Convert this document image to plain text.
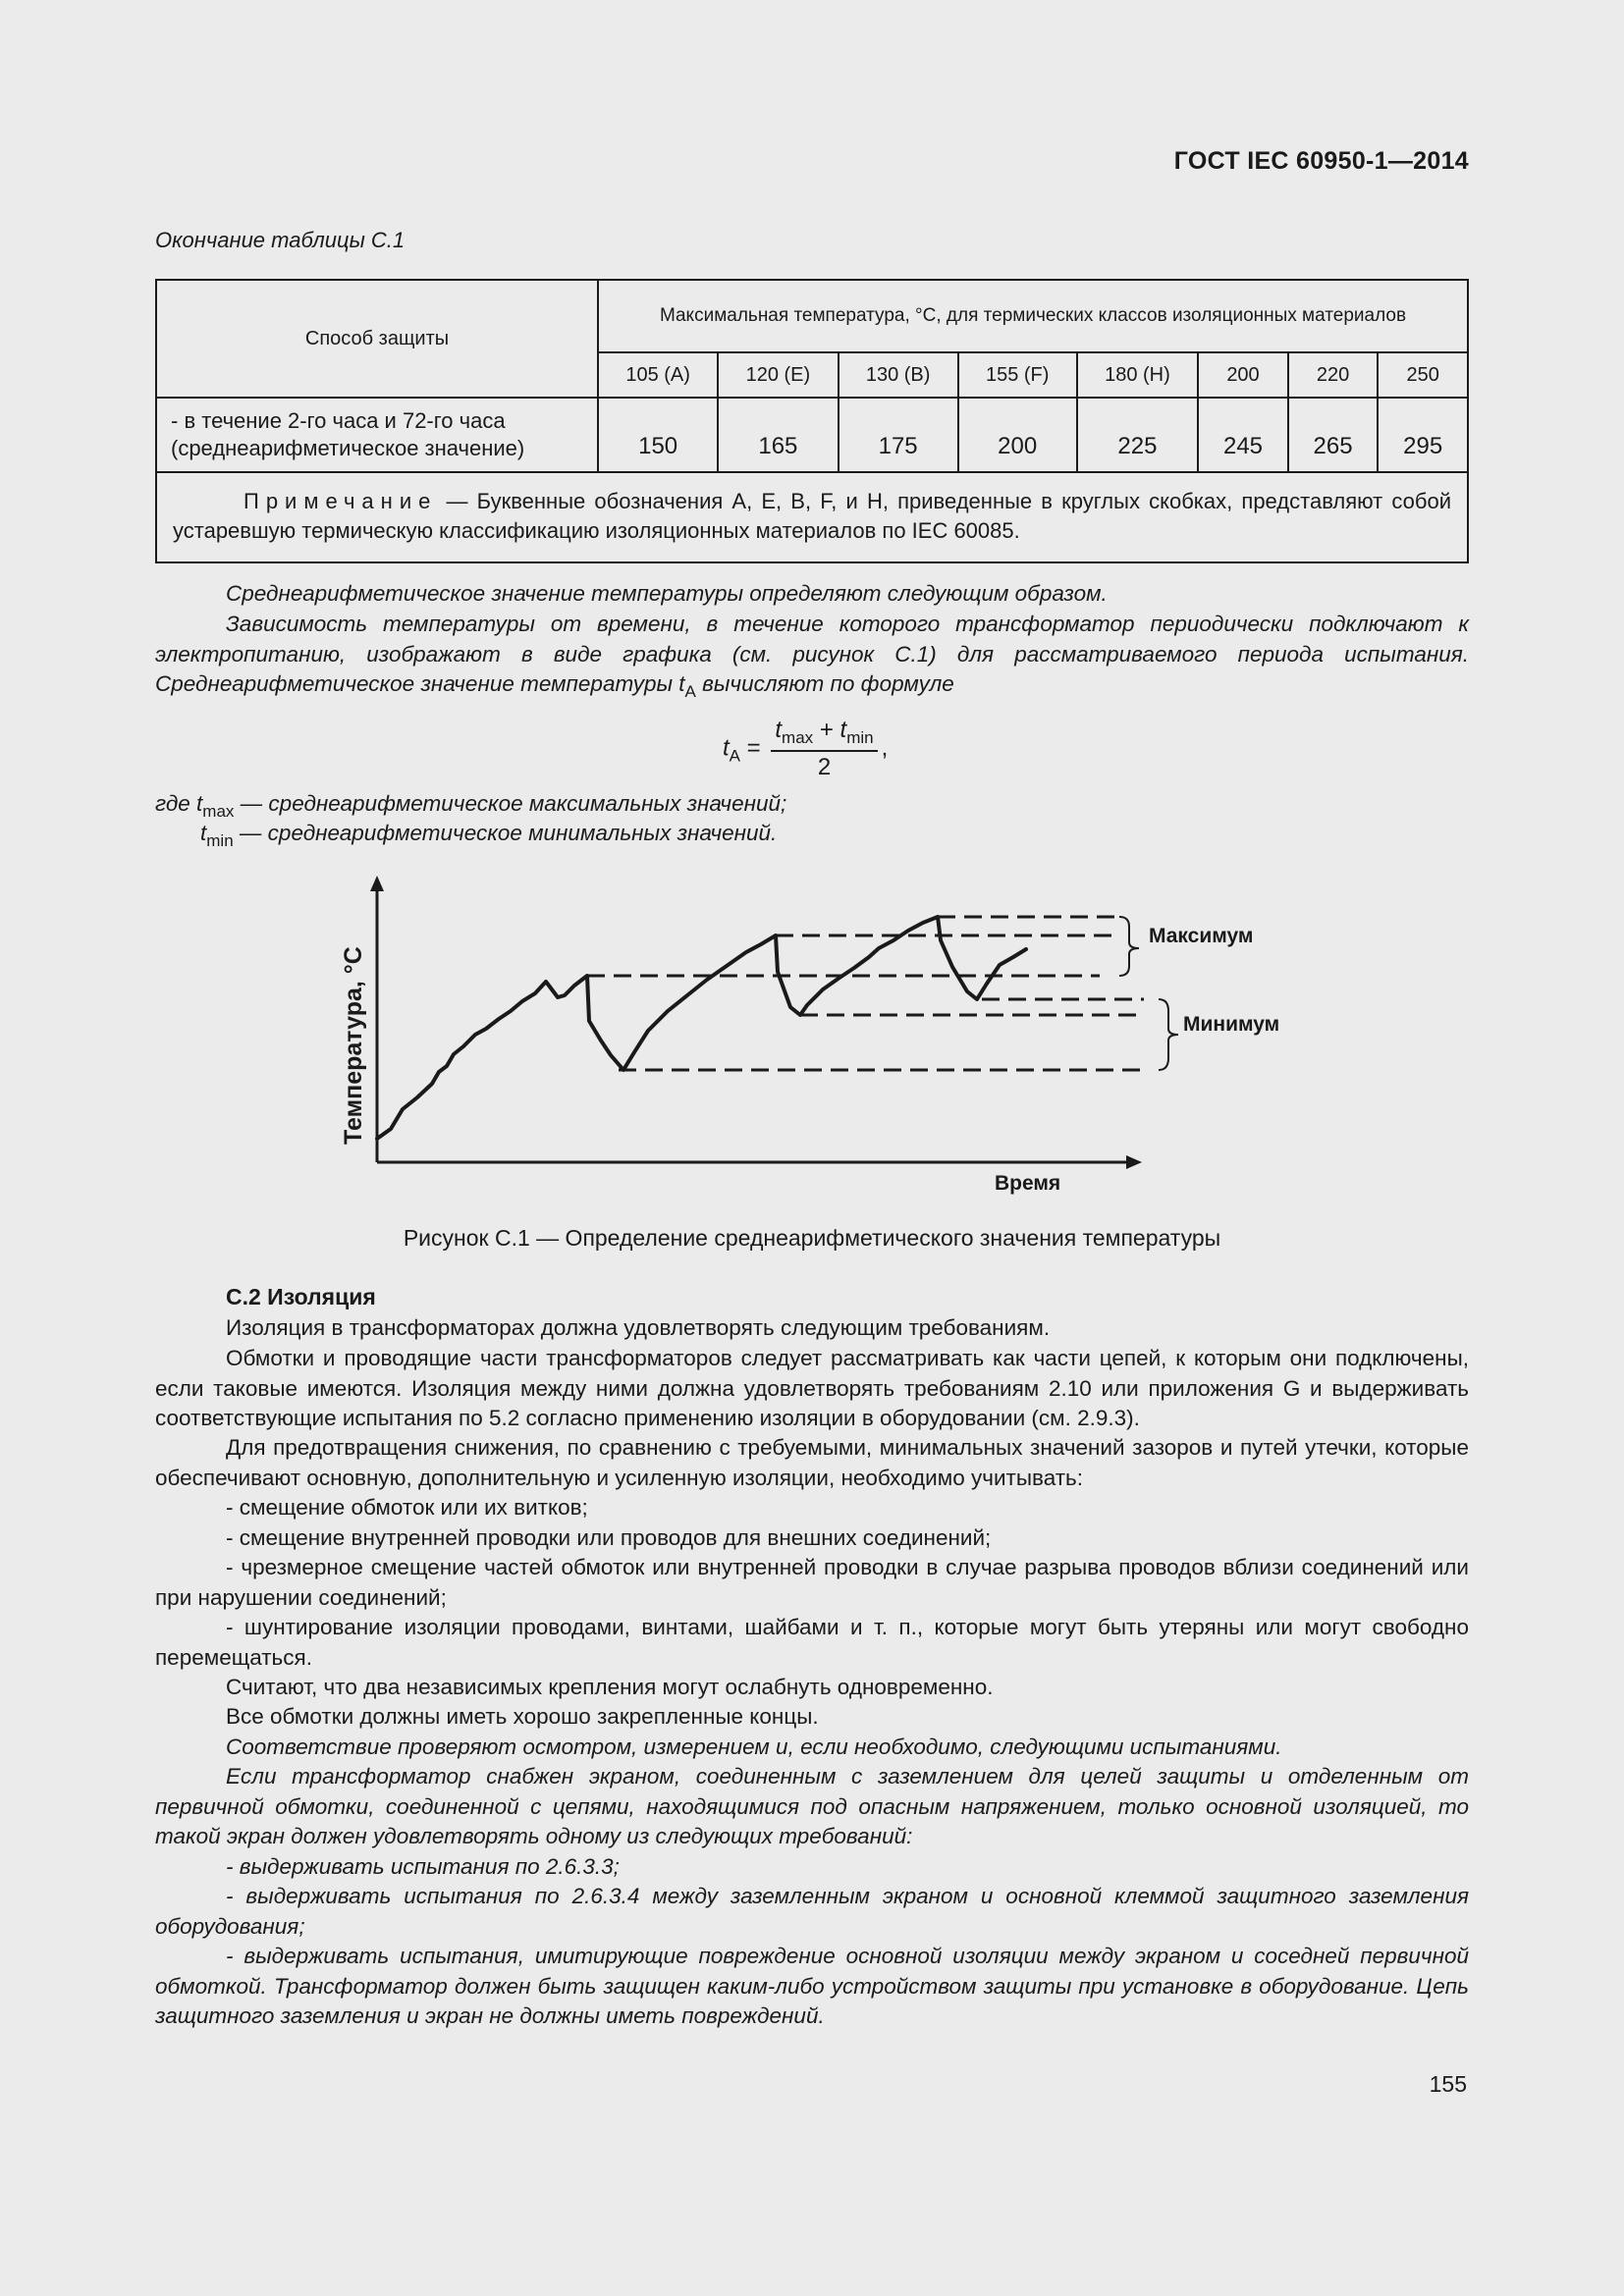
ГОСТ IEC 60950-1—2014
Окончание таблицы С.1
Способ защиты	Максимальная температура, °С, для термических классов изоляционных материалов							
	105 (А)	120 (Е)	130 (В)	155 (F)	180 (Н)	200	220	250
- в течение 2-го часа и 72-го часа (среднеарифметическое значение)	150	165	175	200	225	245	265	295
Примечание — Буквенные обозначения А, Е, В, F, и Н, приведенные в круглых скобках, представляют собой устаревшую термическую классификацию изоляционных материалов по IEC 60085.								

Среднеарифметическое значение температуры определяют следующим образом.

Зависимость температуры от времени, в течение которого трансформатор периодически подключают к электропитанию, изображают в виде графика (см. рисунок С.1) для рассматриваемого периода испытания. Среднеарифметическое значение температуры $t_А$ вычисляют по формуле

$t_А = \frac{t_{max} + t_{min}}{2}$ ,
где $t_{max}$ — среднеарифметическое максимальных значений;
$t_{min}$ — среднеарифметическое минимальных значений.
Максимум
Минимум
Время
Температура, °С
Рисунок С.1 — Определение среднеарифметического значения температуры
С.2 Изоляция

Изоляция в трансформаторах должна удовлетворять следующим требованиям.

Обмотки и проводящие части трансформаторов следует рассматривать как части цепей, к которым они подключены, если таковые имеются. Изоляция между ними должна удовлетворять требованиям 2.10 или приложения G и выдерживать соответствующие испытания по 5.2 согласно применению изоляции в оборудовании (см. 2.9.3).

Для предотвращения снижения, по сравнению с требуемыми, минимальных значений зазоров и путей утечки, которые обеспечивают основную, дополнительную и усиленную изоляции, необходимо учитывать:

- смещение обмоток или их витков;

- смещение внутренней проводки или проводов для внешних соединений;

- чрезмерное смещение частей обмоток или внутренней проводки в случае разрыва проводов вблизи соединений или при нарушении соединений;

- шунтирование изоляции проводами, винтами, шайбами и т. п., которые могут быть утеряны или могут свободно перемещаться.

Считают, что два независимых крепления могут ослабнуть одновременно.

Все обмотки должны иметь хорошо закрепленные концы.

Соответствие проверяют осмотром, измерением и, если необходимо, следующими испытаниями.

Если трансформатор снабжен экраном, соединенным с заземлением для целей защиты и отделенным от первичной обмотки, соединенной с цепями, находящимися под опасным напряжением, только основной изоляцией, то такой экран должен удовлетворять одному из следующих требований:

- выдерживать испытания по 2.6.3.3;

- выдерживать испытания по 2.6.3.4 между заземленным экраном и основной клеммой защитного заземления оборудования;

- выдерживать испытания, имитирующие повреждение основной изоляции между экраном и соседней первичной обмоткой. Трансформатор должен быть защищен каким-либо устройством защиты при установке в оборудование. Цепь защитного заземления и экран не должны иметь повреждений.

155
